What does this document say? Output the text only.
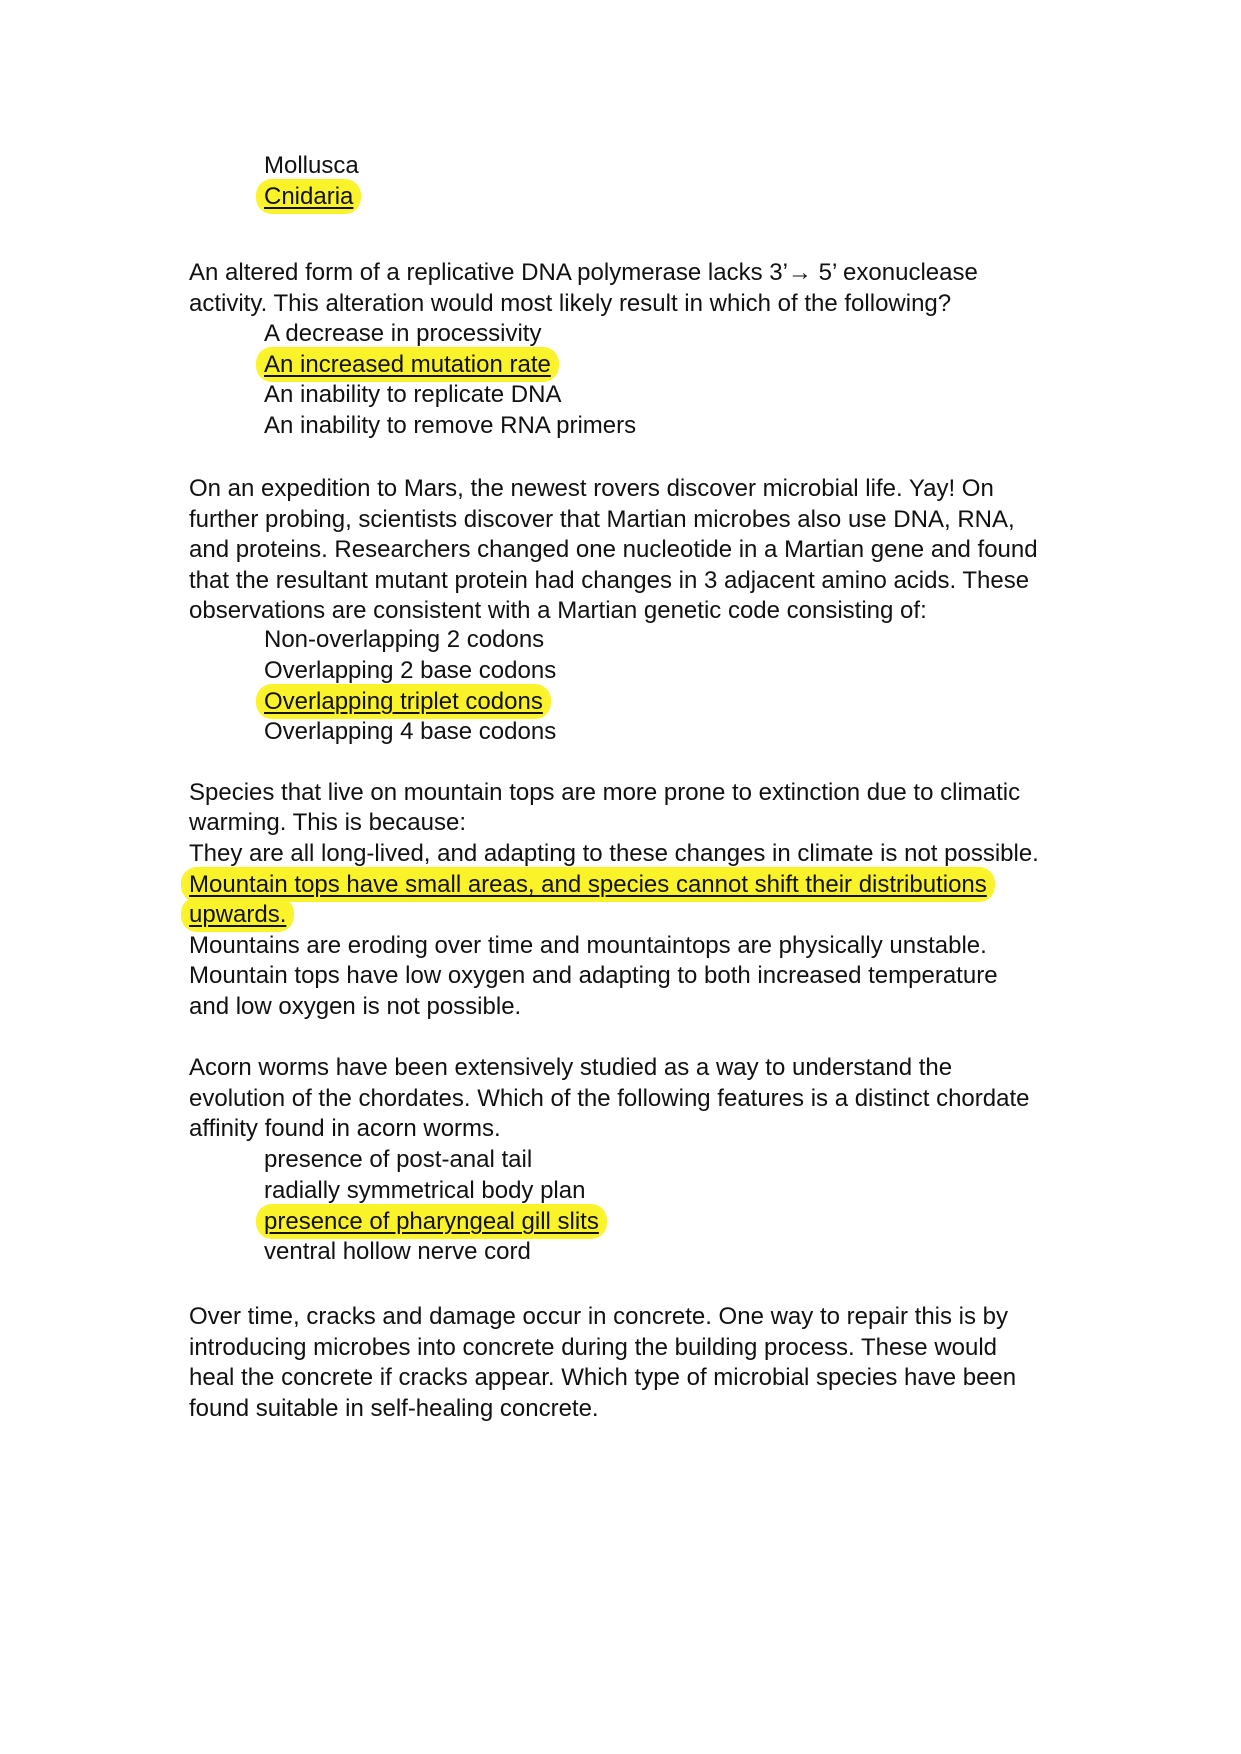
Mollusca
Cnidaria
An altered form of a replicative DNA polymerase lacks 3’→ 5’ exonuclease
activity. This alteration would most likely result in which of the following?
A decrease in processivity
An increased mutation rate
An inability to replicate DNA
An inability to remove RNA primers
On an expedition to Mars, the newest rovers discover microbial life. Yay! On
further probing, scientists discover that Martian microbes also use DNA, RNA,
and proteins. Researchers changed one nucleotide in a Martian gene and found
that the resultant mutant protein had changes in 3 adjacent amino acids. These
observations are consistent with a Martian genetic code consisting of:
Non-overlapping 2 codons
Overlapping 2 base codons
Overlapping triplet codons
Overlapping 4 base codons
Species that live on mountain tops are more prone to extinction due to climatic
warming. This is because:
They are all long-lived, and adapting to these changes in climate is not possible.
Mountain tops have small areas, and species cannot shift their distributions
upwards.
Mountains are eroding over time and mountaintops are physically unstable.
Mountain tops have low oxygen and adapting to both increased temperature
and low oxygen is not possible.
Acorn worms have been extensively studied as a way to understand the
evolution of the chordates. Which of the following features is a distinct chordate
affinity found in acorn worms.
presence of post-anal tail
radially symmetrical body plan
presence of pharyngeal gill slits
ventral hollow nerve cord
Over time, cracks and damage occur in concrete. One way to repair this is by
introducing microbes into concrete during the building process. These would
heal the concrete if cracks appear. Which type of microbial species have been
found suitable in self-healing concrete.
